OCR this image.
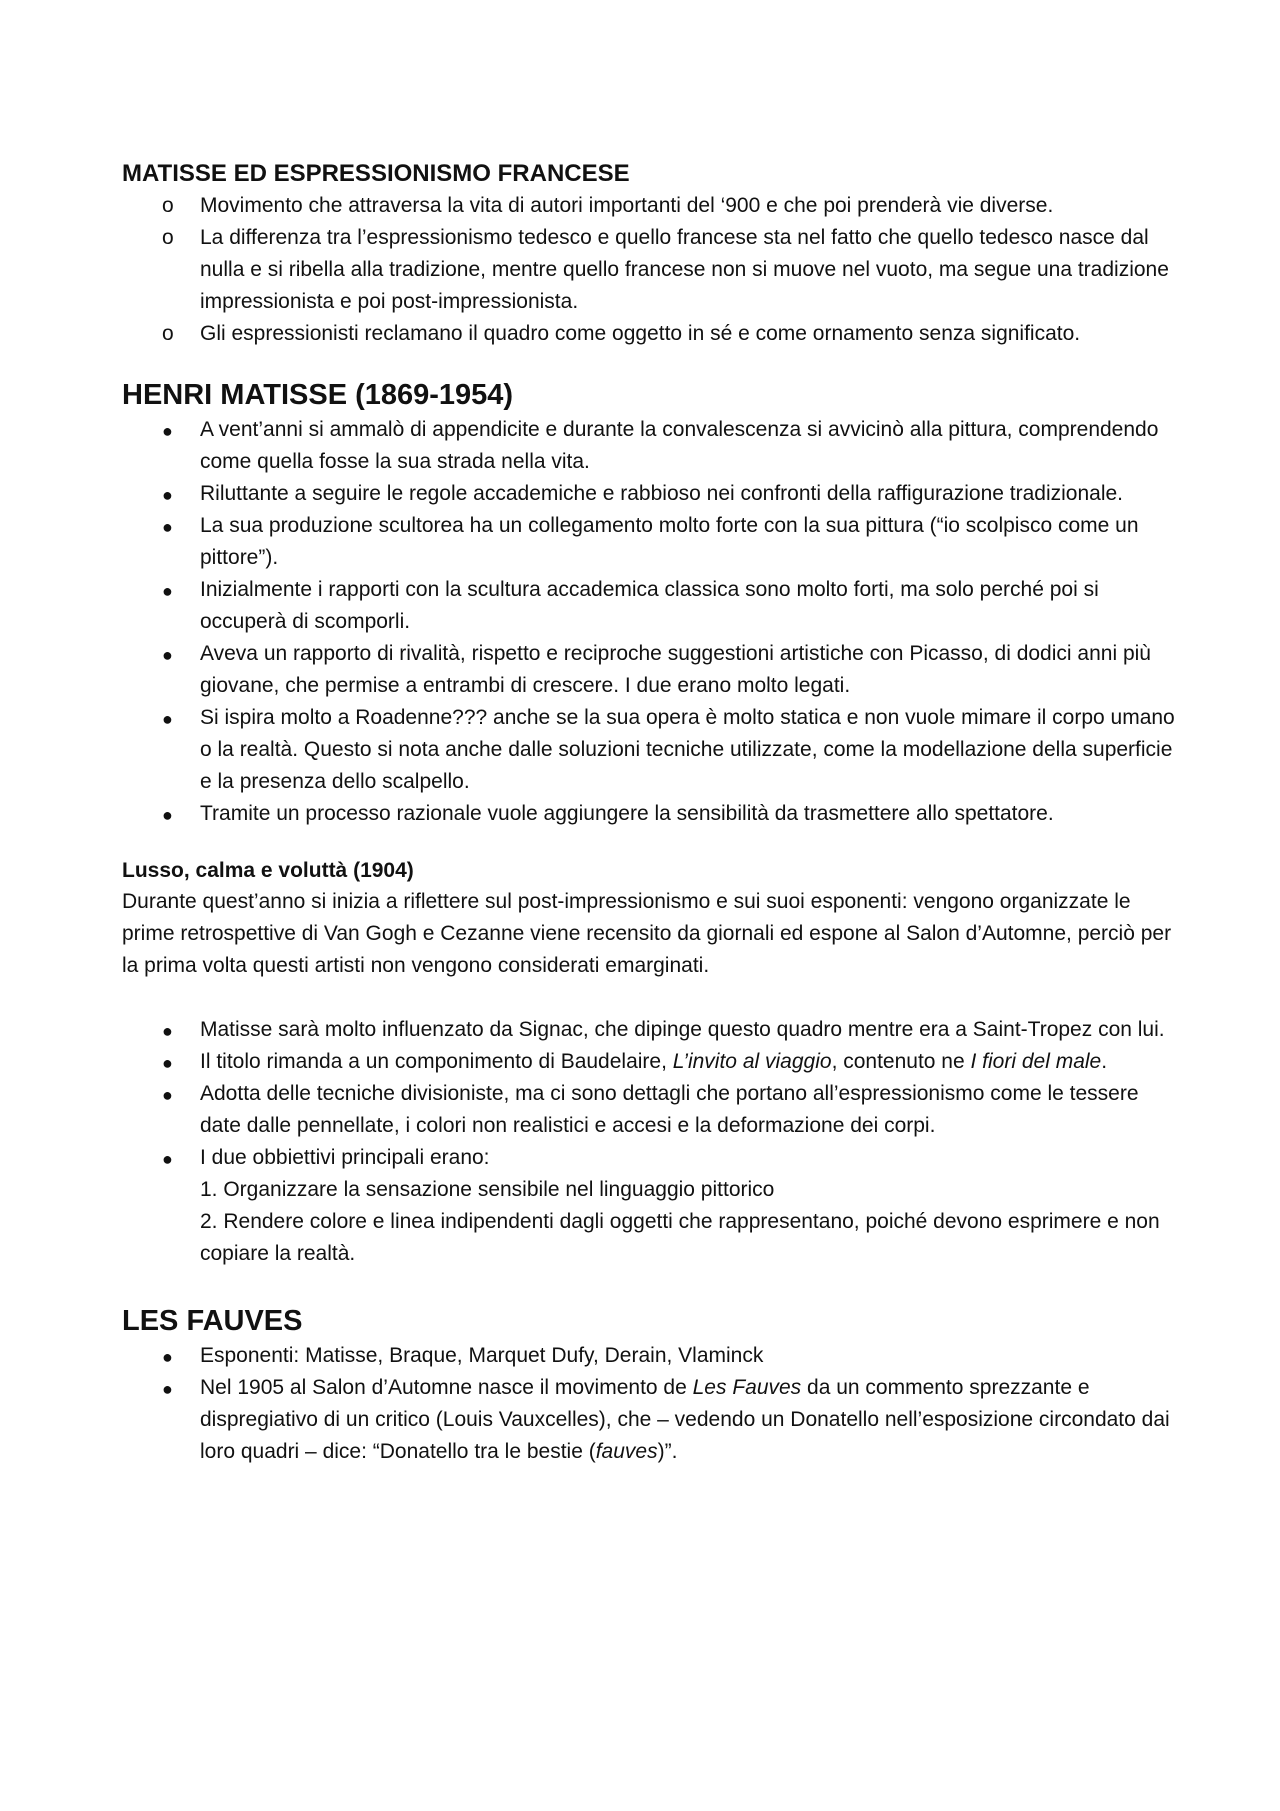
MATISSE ED ESPRESSIONISMO FRANCESE
o Movimento che attraversa la vita di autori importanti del ‘900 e che poi prenderà vie diverse.
o La differenza tra l’espressionismo tedesco e quello francese sta nel fatto che quello tedesco nasce dal nulla e si ribella alla tradizione, mentre quello francese non si muove nel vuoto, ma segue una tradizione impressionista e poi post-impressionista.
o Gli espressionisti reclamano il quadro come oggetto in sé e come ornamento senza significato.
HENRI MATISSE (1869-1954)
● A vent’anni si ammalò di appendicite e durante la convalescenza si avvicinò alla pittura, comprendendo come quella fosse la sua strada nella vita.
● Riluttante a seguire le regole accademiche e rabbioso nei confronti della raffigurazione tradizionale.
● La sua produzione scultorea ha un collegamento molto forte con la sua pittura (“io scolpisco come un pittore”).
● Inizialmente i rapporti con la scultura accademica classica sono molto forti, ma solo perché poi si occuperà di scomporli.
● Aveva un rapporto di rivalità, rispetto e reciproche suggestioni artistiche con Picasso, di dodici anni più giovane, che permise a entrambi di crescere. I due erano molto legati.
● Si ispira molto a Roadenne??? anche se la sua opera è molto statica e non vuole mimare il corpo umano o la realtà. Questo si nota anche dalle soluzioni tecniche utilizzate, come la modellazione della superficie e la presenza dello scalpello.
● Tramite un processo razionale vuole aggiungere la sensibilità da trasmettere allo spettatore.
Lusso, calma e voluttà (1904)

Durante quest’anno si inizia a riflettere sul post-impressionismo e sui suoi esponenti: vengono organizzate le prime retrospettive di Van Gogh e Cezanne viene recensito da giornali ed espone al Salon d’Automne, perciò per la prima volta questi artisti non vengono considerati emarginati.

● Matisse sarà molto influenzato da Signac, che dipinge questo quadro mentre era a Saint-Tropez con lui.
● Il titolo rimanda a un componimento di Baudelaire, L’invito al viaggio, contenuto ne I fiori del male.
● Adotta delle tecniche divisioniste, ma ci sono dettagli che portano all’espressionismo come le tessere date dalle pennellate, i colori non realistici e accesi e la deformazione dei corpi.
● I due obbiettivi principali erano:
1. Organizzare la sensazione sensibile nel linguaggio pittorico
2. Rendere colore e linea indipendenti dagli oggetti che rappresentano, poiché devono esprimere e non copiare la realtà.
LES FAUVES
● Esponenti: Matisse, Braque, Marquet Dufy, Derain, Vlaminck
● Nel 1905 al Salon d’Automne nasce il movimento de Les Fauves da un commento sprezzante e dispregiativo di un critico (Louis Vauxcelles), che – vedendo un Donatello nell’esposizione circondato dai loro quadri – dice: “Donatello tra le bestie (fauves)”.
